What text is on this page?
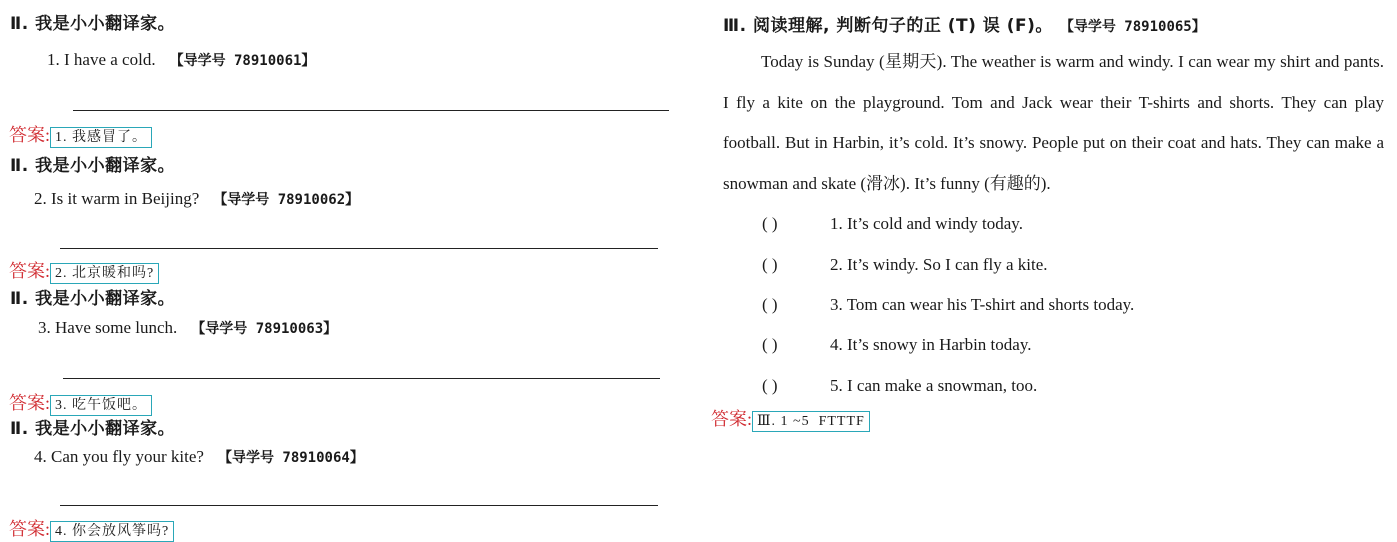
Ⅱ. 我是小小翻译家。
1. I have a cold. 【导学号 78910061】
答案: 1. 我感冒了。
Ⅱ. 我是小小翻译家。
2. Is it warm in Beijing? 【导学号 78910062】
答案: 2. 北京暖和吗?
Ⅱ. 我是小小翻译家。
3. Have some lunch. 【导学号 78910063】
答案: 3. 吃午饭吧。
Ⅱ. 我是小小翻译家。
4. Can you fly your kite? 【导学号 78910064】
答案: 4. 你会放风筝吗?
Ⅲ. 阅读理解, 判断句子的正 (T) 误 (F)。 【导学号 78910065】

Today is Sunday (星期天). The weather is warm and windy. I can wear my shirt and pants. I fly a kite on the playground. Tom and Jack wear their T-shirts and shorts. They can play football. But in Harbin, it’s cold. It’s snowy. People put on their coat and hats. They can make a snowman and skate (滑冰). It’s funny (有趣的).

( )	1. It’s cold and windy today.
( )	2. It’s windy. So I can fly a kite.
( )	3. Tom can wear his T-shirt and shorts today.
( )	4. It’s snowy in Harbin today.
( )	5. I can make a snowman, too.
答案: Ⅲ. 1 ~5  FTTTF
